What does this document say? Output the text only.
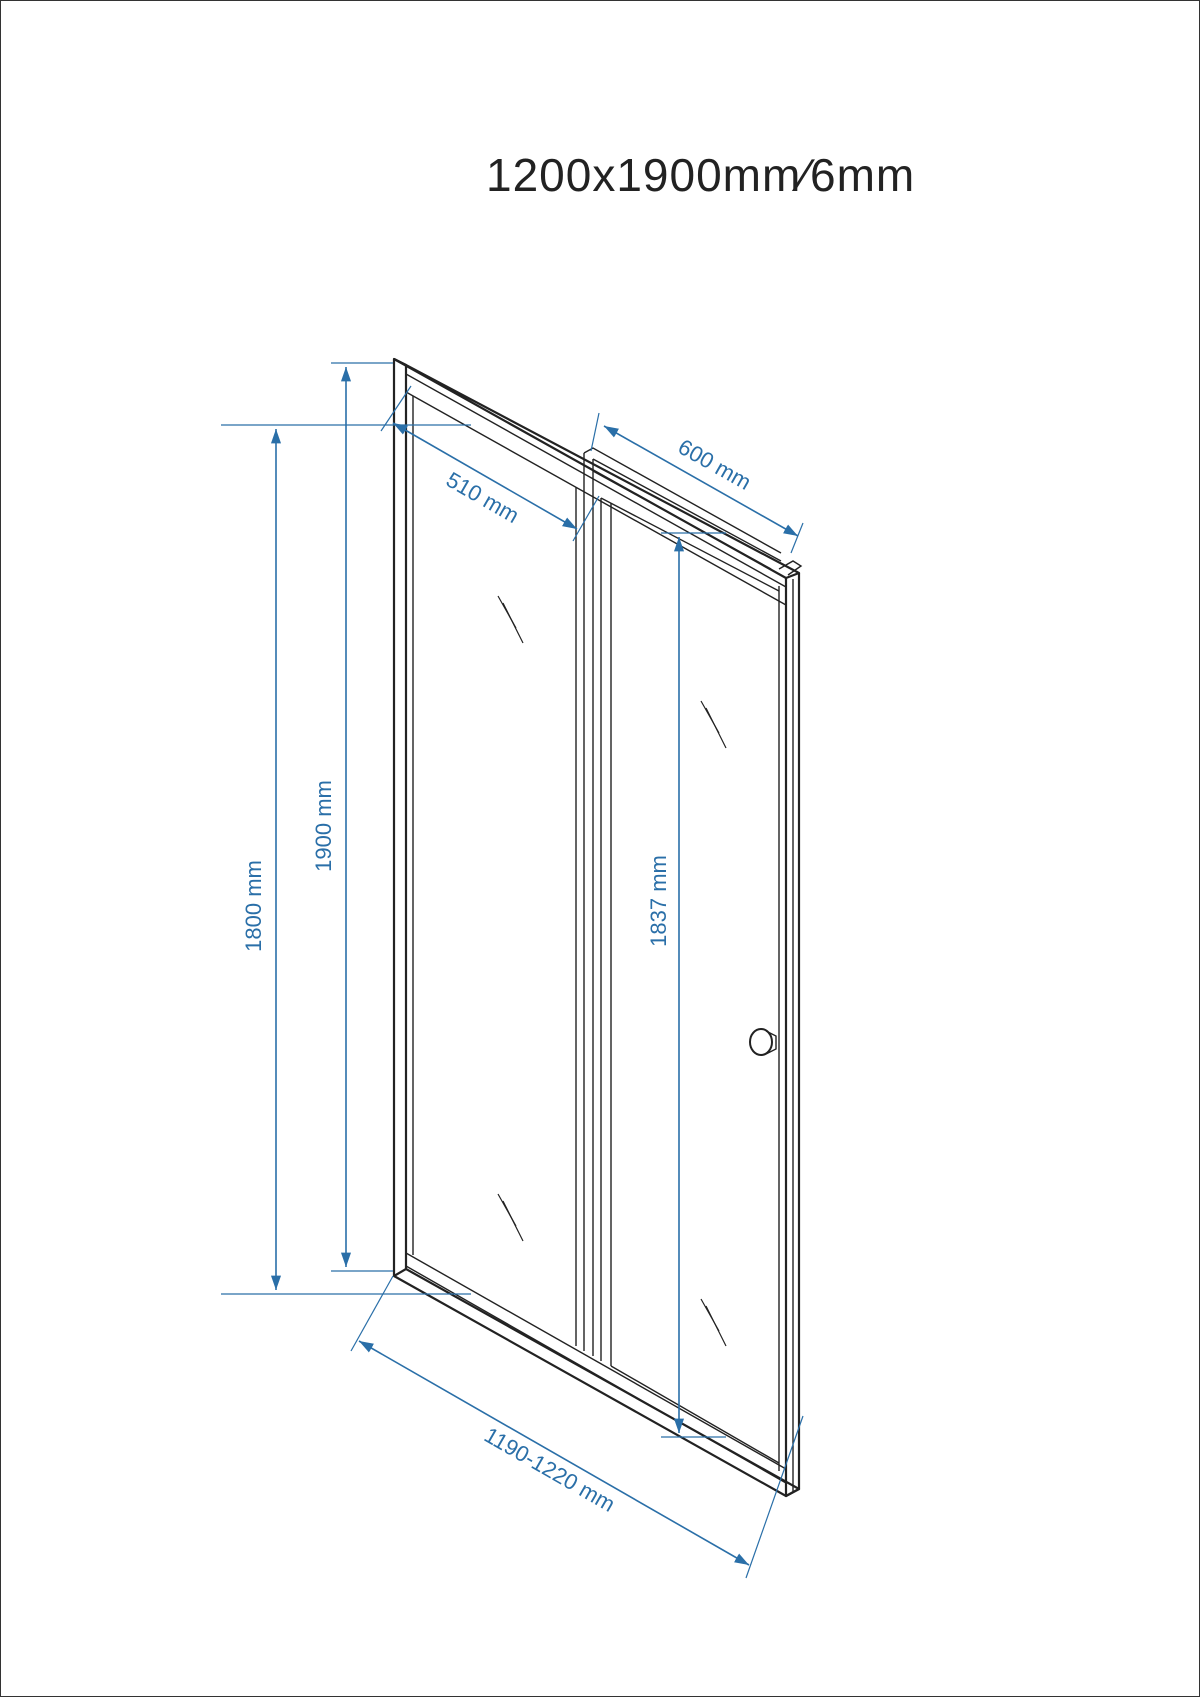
1200x1900mm∕6mm
1800 mm
1900 mm
1837 mm
510 mm
600 mm
1190-1220 mm
